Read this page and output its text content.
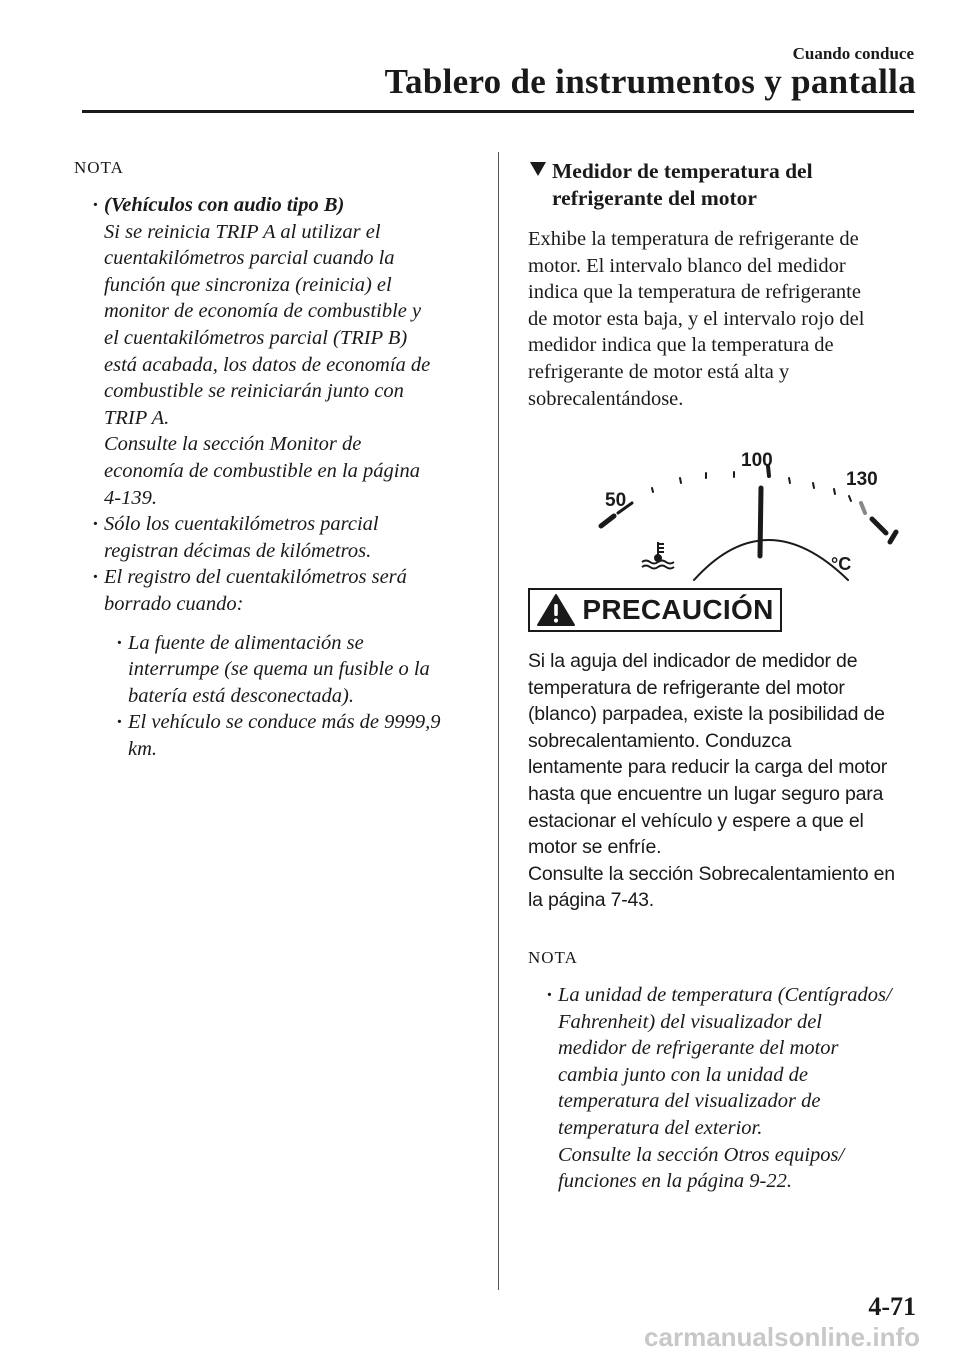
Cuando conduce
Tablero de instrumentos y pantalla
NOTA
· (Vehículos con audio tipo B)
Si se reinicia TRIP A al utilizar el
cuentakilómetros parcial cuando la
función que sincroniza (reinicia) el
monitor de economía de combustible y
el cuentakilómetros parcial (TRIP B)
está acabada, los datos de economía de
combustible se reiniciarán junto con
TRIP A.
Consulte la sección Monitor de
economía de combustible en la página
4-139.
· Sólo los cuentakilómetros parcial
registran décimas de kilómetros.
· El registro del cuentakilómetros será
borrado cuando:
· La fuente de alimentación se
interrumpe (se quema un fusible o la
batería está desconectada).
· El vehículo se conduce más de 9999,9
km.
Medidor de temperatura del
refrigerante del motor
Exhibe la temperatura de refrigerante de
motor. El intervalo blanco del medidor
indica que la temperatura de refrigerante
de motor esta baja, y el intervalo rojo del
medidor indica que la temperatura de
refrigerante de motor está alta y
sobrecalentándose.
50
100
130
°C
PRECAUCIÓN

Si la aguja del indicador de medidor de

temperatura de refrigerante del motor

(blanco) parpadea, existe la posibilidad de

sobrecalentamiento. Conduzca

lentamente para reducir la carga del motor

hasta que encuentre un lugar seguro para

estacionar el vehículo y espere a que el

motor se enfríe.

Consulte la sección Sobrecalentamiento en

la página 7-43.

NOTA
· La unidad de temperatura (Centígrados/
Fahrenheit) del visualizador del
medidor de refrigerante del motor
cambia junto con la unidad de
temperatura del visualizador de
temperatura del exterior.
Consulte la sección Otros equipos/
funciones en la página 9-22.
4-71
carmanualsonline.info
